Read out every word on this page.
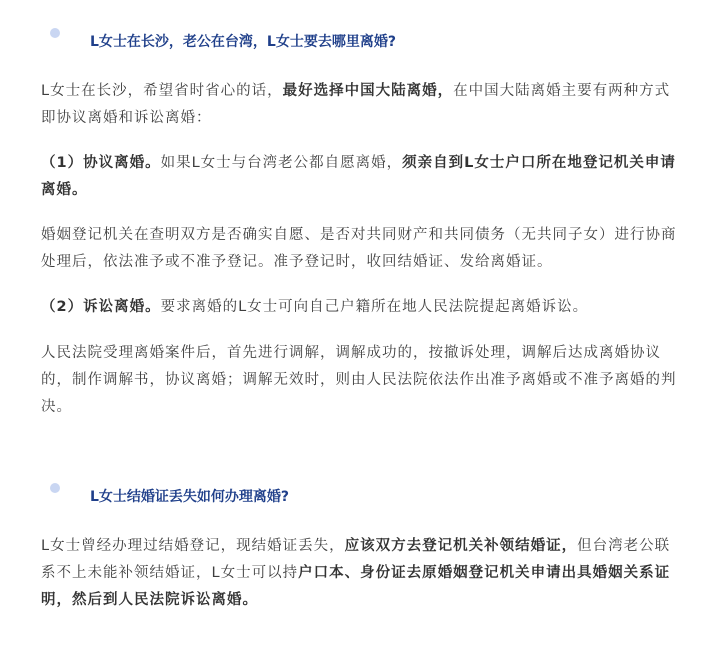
L女士在长沙，老公在台湾，L女士要去哪里离婚?

L女士在长沙，希望省时省心的话，最好选择中国大陆离婚，在中国大陆离婚主要有两种方式即协议离婚和诉讼离婚：

（1）协议离婚。如果L女士与台湾老公都自愿离婚，须亲自到L女士户口所在地登记机关申请离婚。

婚姻登记机关在查明双方是否确实自愿、是否对共同财产和共同债务（无共同子女）进行协商处理后，依法准予或不准予登记。准予登记时，收回结婚证、发给离婚证。

（2）诉讼离婚。要求离婚的L女士可向自己户籍所在地人民法院提起离婚诉讼。

人民法院受理离婚案件后，首先进行调解，调解成功的，按撤诉处理，调解后达成离婚协议的，制作调解书，协议离婚；调解无效时，则由人民法院依法作出准予离婚或不准予离婚的判决。

L女士结婚证丢失如何办理离婚?

L女士曾经办理过结婚登记，现结婚证丢失，应该双方去登记机关补领结婚证，但台湾老公联系不上未能补领结婚证，L女士可以持户口本、身份证去原婚姻登记机关申请出具婚姻关系证明，然后到人民法院诉讼离婚。
